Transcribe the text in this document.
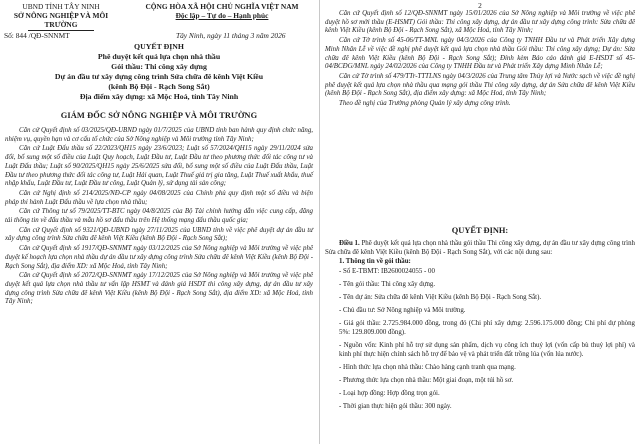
UBND TỈNH TÂY NINH
SỞ NÔNG NGHIỆP VÀ MÔI TRƯỜNG
CỘNG HÒA XÃ HỘI CHỦ NGHĨA VIỆT NAM
Độc lập – Tự do – Hạnh phúc
Số: 844 /QĐ-SNNMT	Tây Ninh, ngày 11 tháng 3 năm 2026
QUYẾT ĐỊNH
Phê duyệt kết quả lựa chọn nhà thầu
Gói thầu: Thi công xây dựng
Dự án đầu tư xây dựng công trình Sửa chữa đê kênh Việt Kiều
(kênh Bộ Đội - Rạch Song Sắt)
Địa điểm xây dựng: xã Mộc Hoá, tỉnh Tây Ninh
GIÁM ĐỐC SỞ NÔNG NGHIỆP VÀ MÔI TRƯỜNG

Căn cứ Quyết định số 03/2025/QĐ-UBND ngày 01/7/2025 của UBND tỉnh ban hành quy định chức năng, nhiệm vụ, quyền hạn và cơ cấu tổ chức của Sở Nông nghiệp và Môi trường tỉnh Tây Ninh;

Căn cứ Luật Đấu thầu số 22/2023/QH15 ngày 23/6/2023; Luật số 57/2024/QH15 ngày 29/11/2024 sửa đổi, bổ sung một số điều của Luật Quy hoạch, Luật Đầu tư, Luật Đầu tư theo phương thức đối tác công tư và Luật Đấu thầu; Luật số 90/2025/QH15 ngày 25/6/2025 sửa đổi, bổ sung một số điều của Luật Đấu thầu, Luật Đầu tư theo phương thức đối tác công tư, Luật Hải quan, Luật Thuế giá trị gia tăng, Luật Thuế xuất khẩu, thuế nhập khẩu, Luật Đầu tư, Luật Đầu tư công, Luật Quản lý, sử dụng tài sản công;

Căn cứ Nghị định số 214/2025/NĐ-CP ngày 04/08/2025 của Chính phủ quy định một số điều và biện pháp thi hành Luật Đấu thầu về lựa chọn nhà thầu;

Căn cứ Thông tư số 79/2025/TT-BTC ngày 04/8/2025 của Bộ Tài chính hướng dẫn việc cung cấp, đăng tải thông tin về đấu thầu và mẫu hồ sơ đấu thầu trên Hệ thống mạng đấu thầu quốc gia;

Căn cứ Quyết định số 9321/QĐ-UBND ngày 27/11/2025 của UBND tỉnh về việc phê duyệt dự án đầu tư xây dựng công trình Sửa chữa đê kênh Việt Kiều (kênh Bộ Đội - Rạch Song Sắt);

Căn cứ Quyết định số 1917/QĐ-SNNMT ngày 03/12/2025 của Sở Nông nghiệp và Môi trường về việc phê duyệt kế hoạch lựa chọn nhà thầu dự án đầu tư xây dựng công trình Sửa chữa đê kênh Việt Kiều (kênh Bộ Đội - Rạch Song Sắt), địa điểm XD: xã Mộc Hoá, tỉnh Tây Ninh;

Căn cứ Quyết định số 2072/QĐ-SNNMT ngày 17/12/2025 của Sở Nông nghiệp và Môi trường về việc phê duyệt kết quả lựa chọn nhà thầu tư vấn lập HSMT và đánh giá HSDT thi công xây dựng, dự án đầu tư xây dựng công trình Sửa chữa đê kênh Việt Kiều (kênh Bộ Đội - Rạch Song Sắt), địa điểm XD: xã Mộc Hoá, tỉnh Tây Ninh;

2

Căn cứ Quyết định số 12/QĐ-SNNMT ngày 15/01/2026 của Sở Nông nghiệp và Môi trường về việc phê duyệt hồ sơ mời thầu (E-HSMT) Gói thầu: Thi công xây dựng, dự án đầu tư xây dựng công trình: Sửa chữa đê kênh Việt Kiều (kênh Bộ Đội - Rạch Song Sắt), xã Mộc Hoá, tỉnh Tây Ninh;

Căn cứ Tờ trình số 45-06/TT-MNL ngày 04/3/2026 của Công ty TNHH Đầu tư và Phát triển Xây dựng Minh Nhân Lễ về việc đề nghị phê duyệt kết quả lựa chọn nhà thầu Gói thầu: Thi công xây dựng; Dự án: Sửa chữa đê kênh Việt Kiều (kênh Bộ Đội - Rạch Song Sắt); Đính kèm Báo cáo đánh giá E-HSDT số 45-04/BCĐG/MNL ngày 24/02/2026 của Công ty TNHH Đầu tư và Phát triển Xây dựng Minh Nhân Lễ;

Căn cứ Tờ trình số 479/TTr-TTTLNS ngày 04/3/2026 của Trung tâm Thủy lợi và Nước sạch về việc đề nghị phê duyệt kết quả lựa chọn nhà thầu qua mạng gói thầu Thi công xây dựng, dự án Sửa chữa đê kênh Việt Kiều (kênh Bộ Đội - Rạch Song Sắt), địa điểm xây dựng: xã Mộc Hoá, tỉnh Tây Ninh;

Theo đề nghị của Trưởng phòng Quản lý xây dựng công trình.

QUYẾT ĐỊNH:

Điều 1. Phê duyệt kết quả lựa chọn nhà thầu gói thầu Thi công xây dựng, dự án đầu tư xây dựng công trình Sửa chữa đê kênh Việt Kiều (kênh Bộ Đội - Rạch Song Sắt), với các nội dung sau:

1. Thông tin về gói thầu:

- Số E-TBMT: IB2600024055 - 00
- Tên gói thầu: Thi công xây dựng.
- Tên dự án: Sửa chữa đê kênh Việt Kiều (kênh Bộ Đội - Rạch Song Sắt).
- Chủ đầu tư: Sở Nông nghiệp và Môi trường.
- Giá gói thầu: 2.725.984.000 đồng, trong đó (Chi phí xây dựng: 2.596.175.000 đồng; Chi phí dự phòng 5%: 129.809.000 đồng).
- Nguồn vốn: Kinh phí hỗ trợ sử dụng sản phẩm, dịch vụ công ích thuỷ lợi (vốn cấp bù thuỷ lợi phí) và kinh phí thực hiện chính sách hỗ trợ để bảo vệ và phát triển đất trồng lúa (vốn lúa nước).
- Hình thức lựa chọn nhà thầu: Chào hàng cạnh tranh qua mạng.
- Phương thức lựa chọn nhà thầu: Một giai đoạn, một túi hồ sơ.
- Loại hợp đồng: Hợp đồng trọn gói.
- Thời gian thực hiện gói thầu: 300 ngày.
